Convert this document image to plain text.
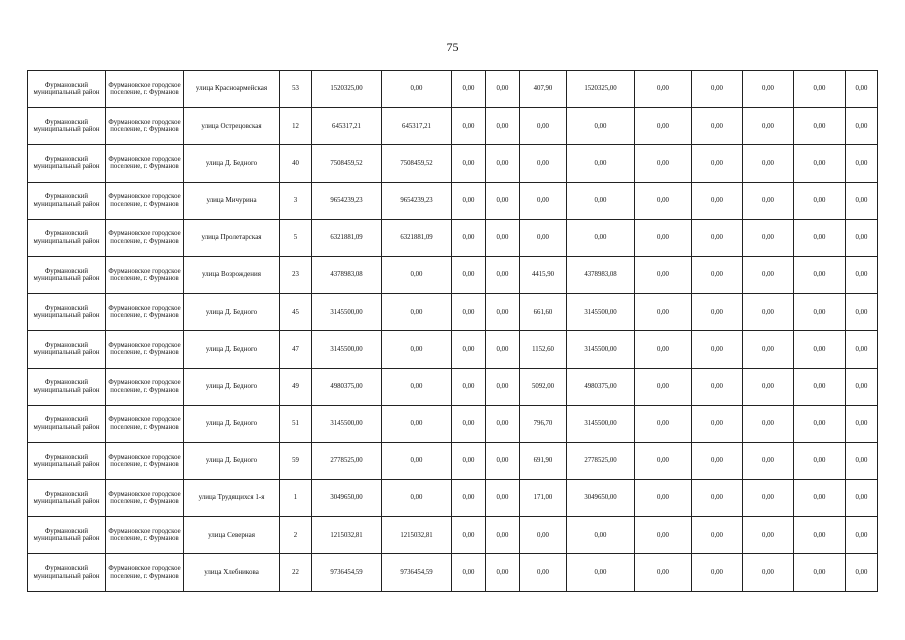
75
Фурмановский муниципальный район	Фурмановское городское поселение, г. Фурманов	улица Красноармейская	53	1520325,00	0,00	0,00	0,00	407,90	1520325,00	0,00	0,00	0,00	0,00	0,00
Фурмановский муниципальный район	Фурмановское городское поселение, г. Фурманов	улица Острецовская	12	645317,21	645317,21	0,00	0,00	0,00	0,00	0,00	0,00	0,00	0,00	0,00
Фурмановский муниципальный район	Фурмановское городское поселение, г. Фурманов	улица Д. Бедного	40	7508459,52	7508459,52	0,00	0,00	0,00	0,00	0,00	0,00	0,00	0,00	0,00
Фурмановский муниципальный район	Фурмановское городское поселение, г. Фурманов	улица Мичурина	3	9654239,23	9654239,23	0,00	0,00	0,00	0,00	0,00	0,00	0,00	0,00	0,00
Фурмановский муниципальный район	Фурмановское городское поселение, г. Фурманов	улица Пролетарская	5	6321881,09	6321881,09	0,00	0,00	0,00	0,00	0,00	0,00	0,00	0,00	0,00
Фурмановский муниципальный район	Фурмановское городское поселение, г. Фурманов	улица Возрождения	23	4378983,08	0,00	0,00	0,00	4415,90	4378983,08	0,00	0,00	0,00	0,00	0,00
Фурмановский муниципальный район	Фурмановское городское поселение, г. Фурманов	улица Д. Бедного	45	3145500,00	0,00	0,00	0,00	661,60	3145500,00	0,00	0,00	0,00	0,00	0,00
Фурмановский муниципальный район	Фурмановское городское поселение, г. Фурманов	улица Д. Бедного	47	3145500,00	0,00	0,00	0,00	1152,60	3145500,00	0,00	0,00	0,00	0,00	0,00
Фурмановский муниципальный район	Фурмановское городское поселение, г. Фурманов	улица Д. Бедного	49	4980375,00	0,00	0,00	0,00	5092,00	4980375,00	0,00	0,00	0,00	0,00	0,00
Фурмановский муниципальный район	Фурмановское городское поселение, г. Фурманов	улица Д. Бедного	51	3145500,00	0,00	0,00	0,00	796,70	3145500,00	0,00	0,00	0,00	0,00	0,00
Фурмановский муниципальный район	Фурмановское городское поселение, г. Фурманов	улица Д. Бедного	59	2778525,00	0,00	0,00	0,00	691,90	2778525,00	0,00	0,00	0,00	0,00	0,00
Фурмановский муниципальный район	Фурмановское городское поселение, г. Фурманов	улица Трудящихся 1-я	1	3049650,00	0,00	0,00	0,00	171,00	3049650,00	0,00	0,00	0,00	0,00	0,00
Фурмановский муниципальный район	Фурмановское городское поселение, г. Фурманов	улица Северная	2	1215032,81	1215032,81	0,00	0,00	0,00	0,00	0,00	0,00	0,00	0,00	0,00
Фурмановский муниципальный район	Фурмановское городское поселение, г. Фурманов	улица Хлебникова	22	9736454,59	9736454,59	0,00	0,00	0,00	0,00	0,00	0,00	0,00	0,00	0,00
